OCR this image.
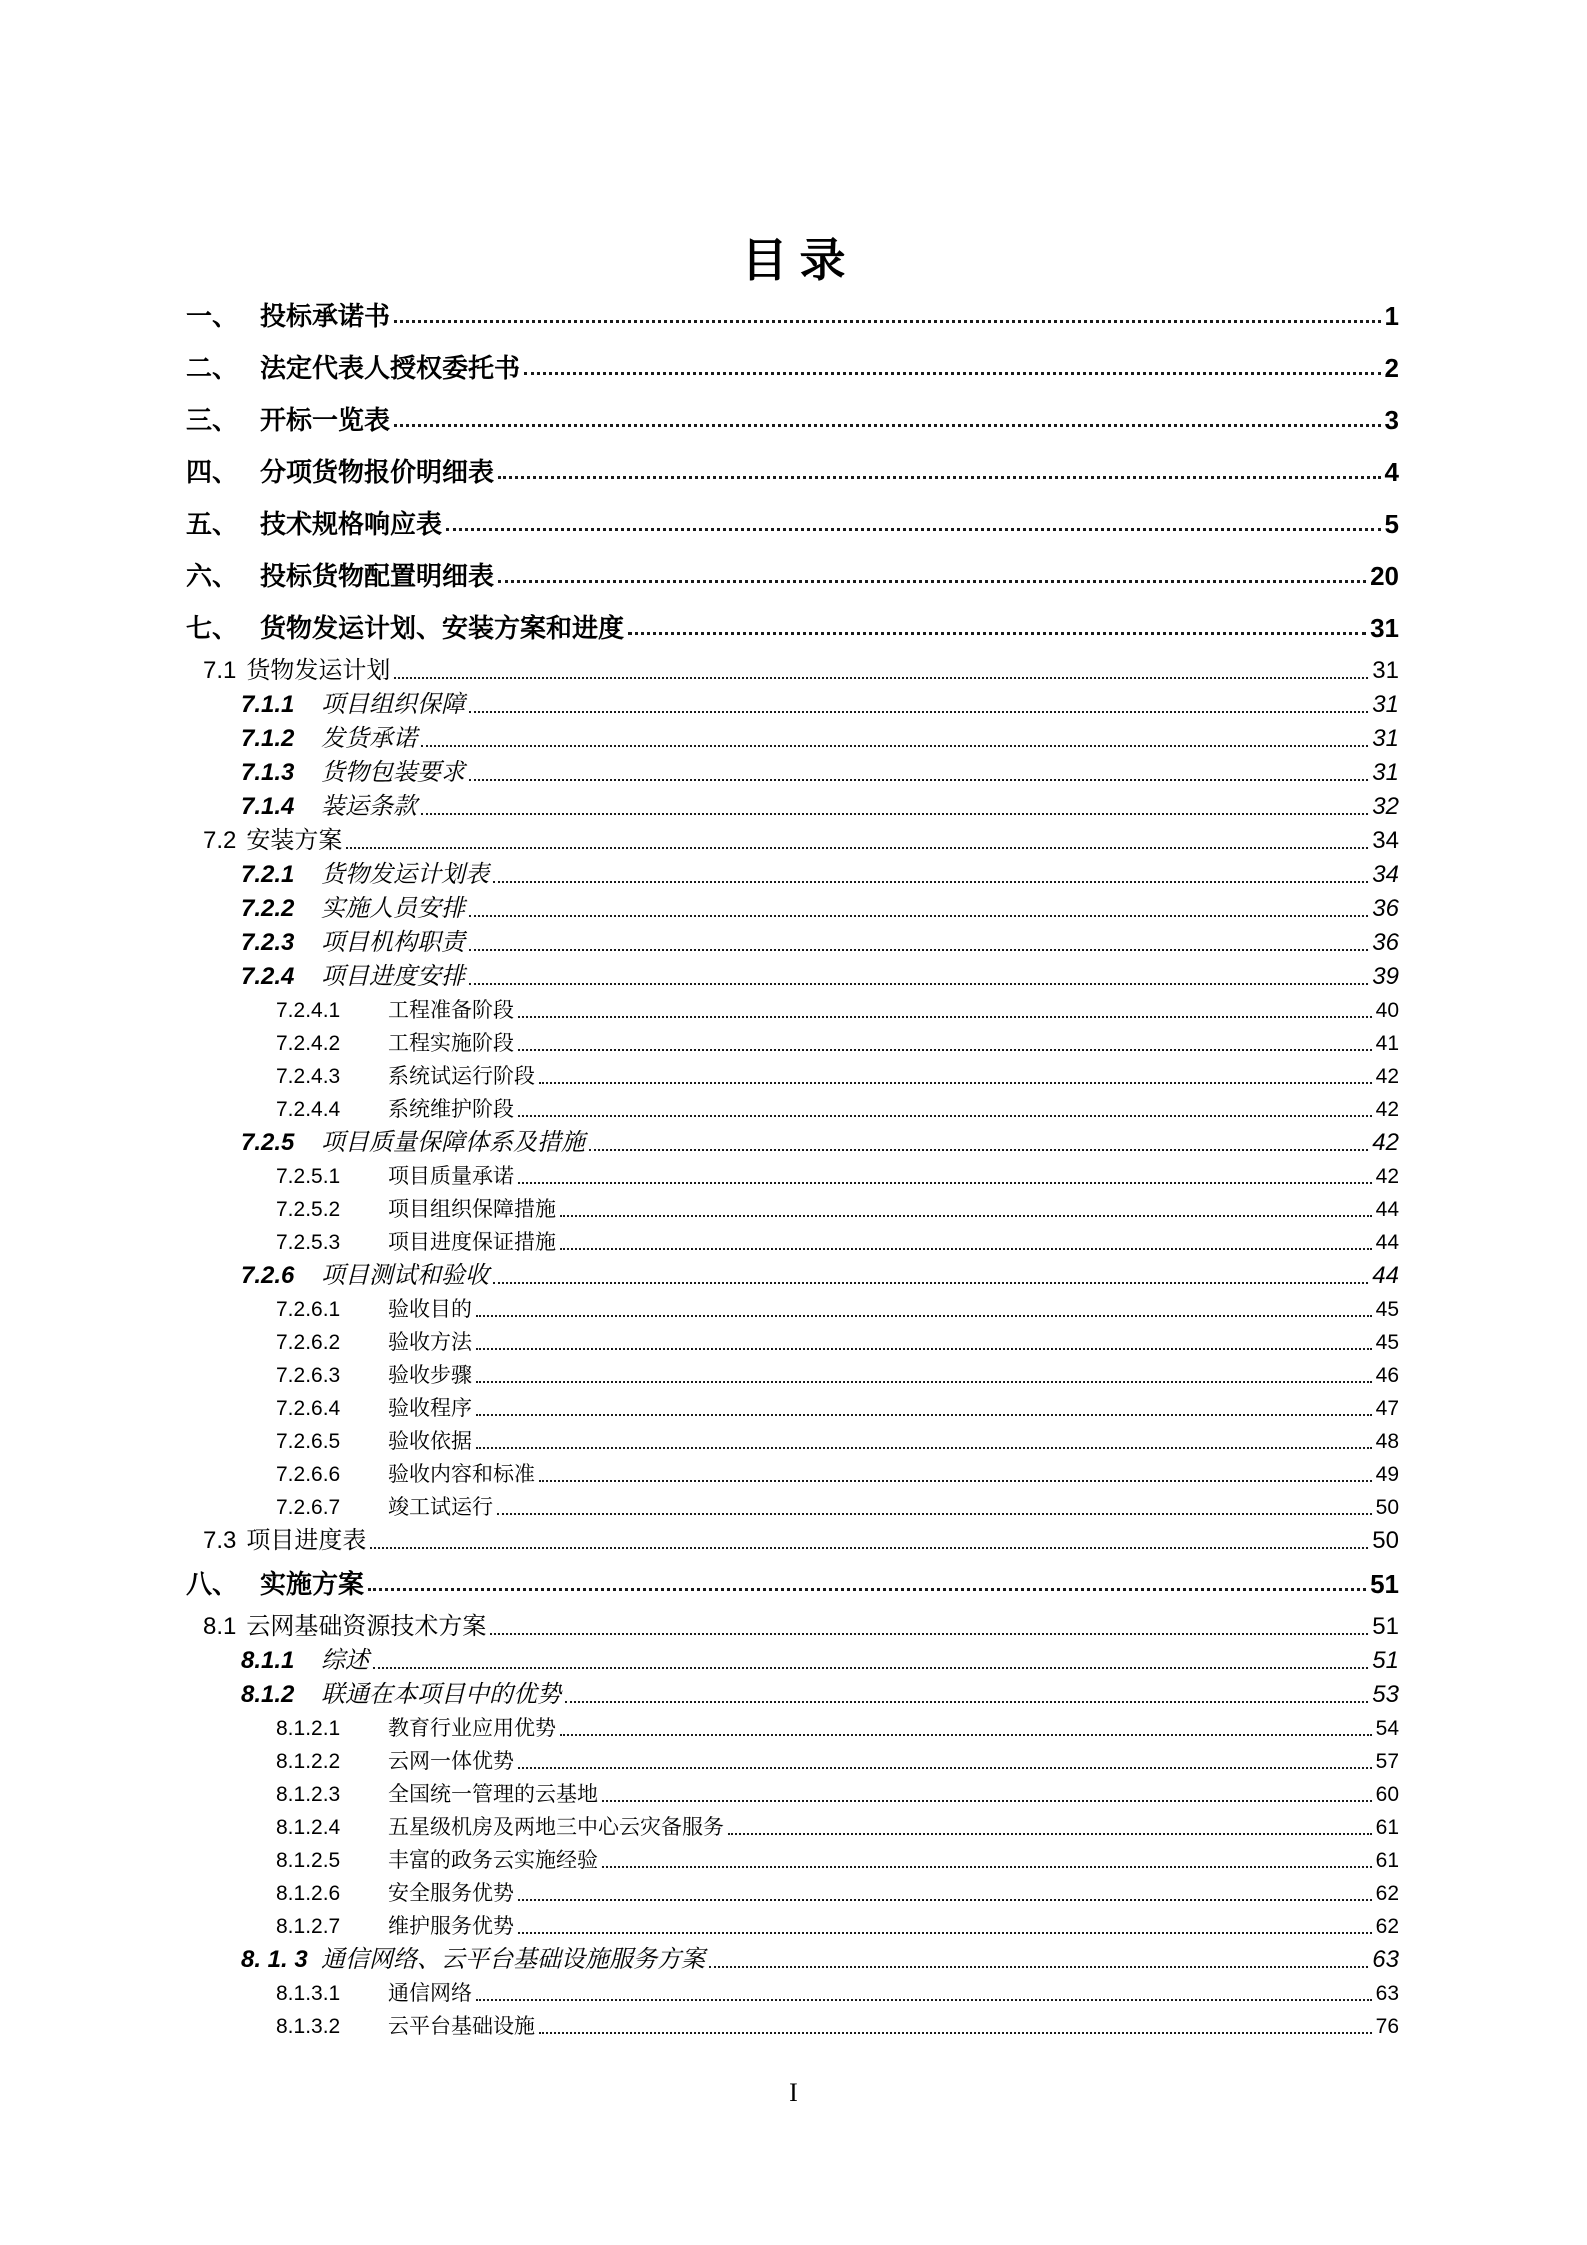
目录
一、 投标承诺书	1
二、 法定代表人授权委托书	2
三、 开标一览表	3
四、 分项货物报价明细表	4
五、 技术规格响应表	5
六、 投标货物配置明细表	20
七、 货物发运计划、安装方案和进度	31
7.1 货物发运计划	31
7.1.1	项目组织保障	31
7.1.2	发货承诺	31
7.1.3	货物包装要求	31
7.1.4	装运条款	32
7.2 安装方案	34
7.2.1	货物发运计划表	34
7.2.2	实施人员安排	36
7.2.3	项目机构职责	36
7.2.4	项目进度安排	39
7.2.4.1	工程准备阶段	40
7.2.4.2	工程实施阶段	41
7.2.4.3	系统试运行阶段	42
7.2.4.4	系统维护阶段	42
7.2.5	项目质量保障体系及措施	42
7.2.5.1	项目质量承诺	42
7.2.5.2	项目组织保障措施	44
7.2.5.3	项目进度保证措施	44
7.2.6	项目测试和验收	44
7.2.6.1	验收目的	45
7.2.6.2	验收方法	45
7.2.6.3	验收步骤	46
7.2.6.4	验收程序	47
7.2.6.5	验收依据	48
7.2.6.6	验收内容和标准	49
7.2.6.7	竣工试运行	50
7.3 项目进度表	50
八、 实施方案	51
8.1 云网基础资源技术方案	51
8.1.1	综述	51
8.1.2	联通在本项目中的优势	53
8.1.2.1	教育行业应用优势	54
8.1.2.2	云网一体优势	57
8.1.2.3	全国统一管理的云基地	60
8.1.2.4	五星级机房及两地三中心云灾备服务	61
8.1.2.5	丰富的政务云实施经验	61
8.1.2.6	安全服务优势	62
8.1.2.7	维护服务优势	62
8. 1. 3 通信网络、云平台基础设施服务方案	63
8.1.3.1	通信网络	63
8.1.3.2	云平台基础设施	76
I
